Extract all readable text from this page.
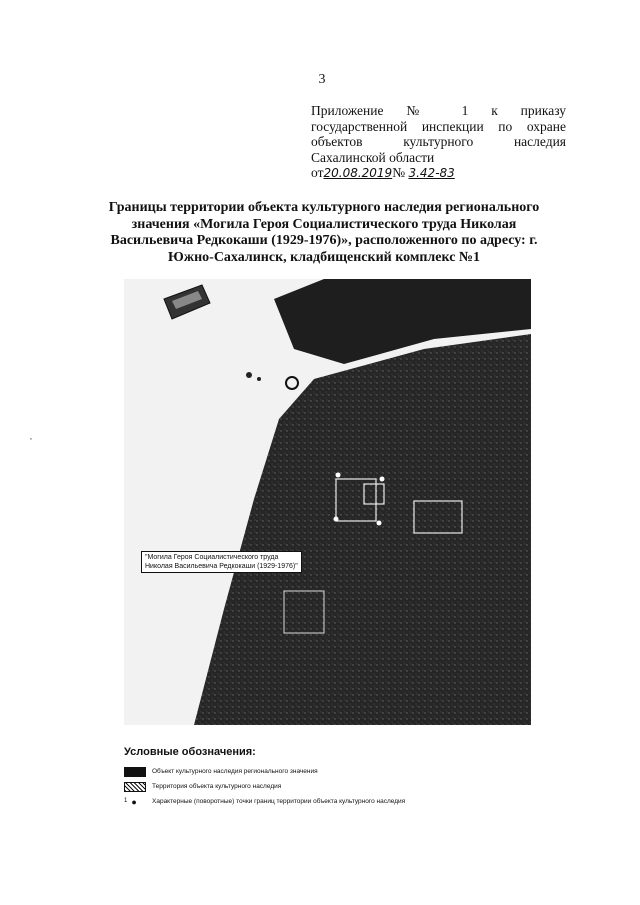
3
Приложение № 1 к приказу
государственной инспекции по охране
объектов	культурного	наследия
Сахалинской области
от20.08.2019№ 3.42-83
Границы территории объекта культурного наследия регионального значения «Могила Героя Социалистического труда Николая Васильевича Редкокаши (1929-1976)», расположенного по адресу: г. Южно-Сахалинск, кладбищенский комплекс №1
"Могила Героя Социалистического труда
Николая Васильевича Редкокаши (1929-1976)"
,
Условные обозначения:
Объект культурного наследия регионального значения
Территория объекта культурного наследия
1 ●	Характерные (поворотные) точки границ территории объекта культурного наследия
